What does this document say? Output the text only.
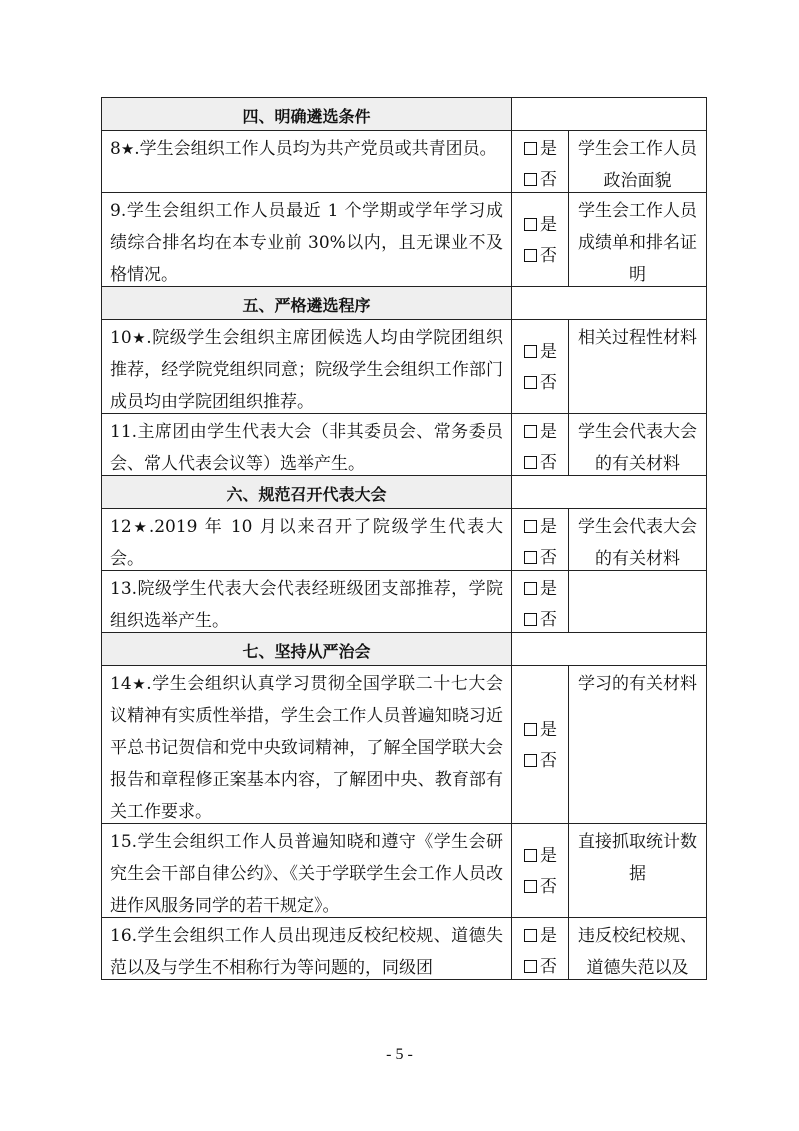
四、明确遴选条件
8★.学生会组织工作人员均为共产党员或共青团员。	是
否
学生会工作人员政治面貌
9.学生会组织工作人员最近 1 个学期或学年学习成绩综合排名均在本专业前 30%以内，且无课业不及格情况。
是
否
学生会工作人员成绩单和排名证明
五、严格遴选程序
10★.院级学生会组织主席团候选人均由学院团组织推荐，经学院党组织同意；院级学生会组织工作部门成员均由学院团组织推荐。
是
否
相关过程性材料
11.主席团由学生代表大会（非其委员会、常务委员会、常人代表会议等）选举产生。
是
否
学生会代表大会的有关材料
六、规范召开代表大会
12★.2019 年 10 月以来召开了院级学生代表大会。
是
否
学生会代表大会的有关材料
13.院级学生代表大会代表经班级团支部推荐，学院组织选举产生。
是
否
七、坚持从严治会
14★.学生会组织认真学习贯彻全国学联二十七大会议精神有实质性举措，学生会工作人员普遍知晓习近平总书记贺信和党中央致词精神，了解全国学联大会报告和章程修正案基本内容，了解团中央、教育部有关工作要求。
是
否
学习的有关材料
15.学生会组织工作人员普遍知晓和遵守《学生会研究生会干部自律公约》、《关于学联学生会工作人员改进作风服务同学的若干规定》。
是
否
直接抓取统计数据
16.学生会组织工作人员出现违反校纪校规、道德失范以及与学生不相称行为等问题的，同级团
是
否
违反校纪校规、道德失范以及
- 5 -
